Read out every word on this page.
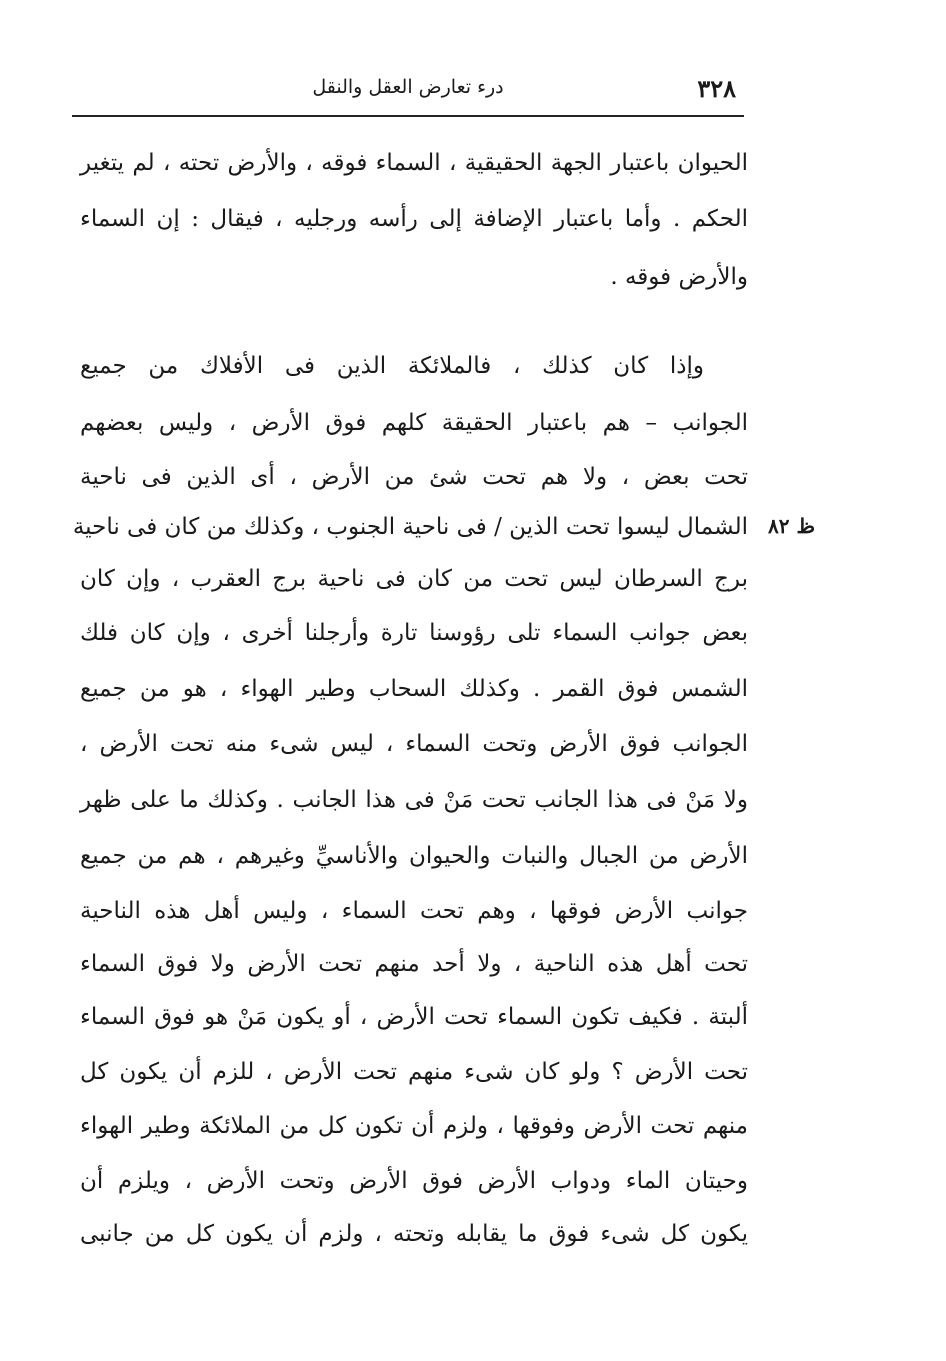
٣٢٨
درء تعارض العقل والنقل
ظ ٨٢
الحيوان باعتبار الجهة الحقيقية ، السماء فوقه ، والأرض تحته ، لم يتغير
الحكم . وأما باعتبار الإضافة إلى رأسه ورجليه ، فيقال : إن السماء
والأرض فوقه .
وإذا كان كذلك ، فالملائكة الذين فى الأفلاك من جميع
الجوانب – هم باعتبار الحقيقة كلهم فوق الأرض ، وليس بعضهم
تحت بعض ، ولا هم تحت شئ من الأرض ، أى الذين فى ناحية
الشمال ليسوا تحت الذين / فى ناحية الجنوب ، وكذلك من كان فى ناحية
برج السرطان ليس تحت من كان فى ناحية برج العقرب ، وإن كان
بعض جوانب السماء تلى رؤوسنا تارة وأرجلنا أخرى ، وإن كان فلك
الشمس فوق القمر . وكذلك السحاب وطير الهواء ، هو من جميع
الجوانب فوق الأرض وتحت السماء ، ليس شىء منه تحت الأرض ،
ولا مَنْ فى هذا الجانب تحت مَنْ فى هذا الجانب . وكذلك ما على ظهر
الأرض من الجبال والنبات والحيوان والأناسيِّ وغيرهم ، هم من جميع
جوانب الأرض فوقها ، وهم تحت السماء ، وليس أهل هذه الناحية
تحت أهل هذه الناحية ، ولا أحد منهم تحت الأرض ولا فوق السماء
ألبتة . فكيف تكون السماء تحت الأرض ، أو يكون مَنْ هو فوق السماء
تحت الأرض ؟ ولو كان شىء منهم تحت الأرض ، للزم أن يكون كل
منهم تحت الأرض وفوقها ، ولزم أن تكون كل من الملائكة وطير الهواء
وحيتان الماء ودواب الأرض فوق الأرض وتحت الأرض ، ويلزم أن
يكون كل شىء فوق ما يقابله وتحته ، ولزم أن يكون كل من جانبى
